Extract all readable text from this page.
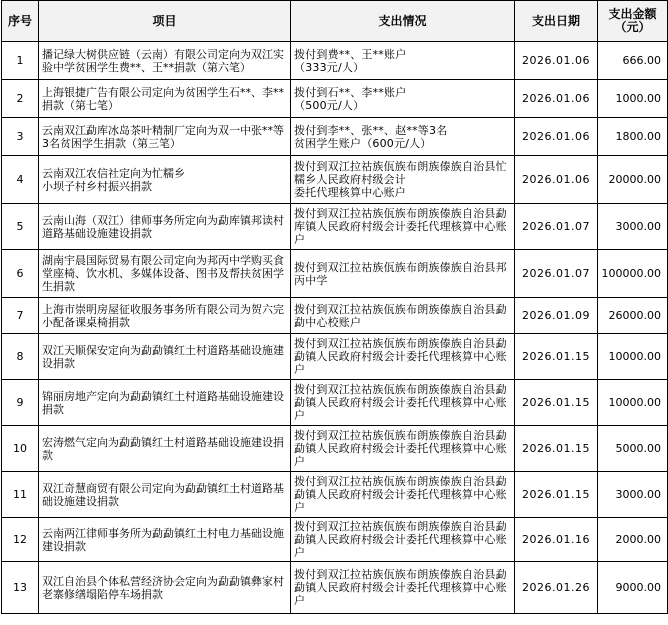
序号	项目	支出情况	支出日期	支出金额
（元）
1	播记绿大树供应链（云南）有限公司定向为双江实验中学贫困学生费**、王**捐款（第六笔）	拨付到费**、王**账户
（333元/人）	2026.01.06	666.00
2	上海银捷广告有限公司定向为贫困学生石**、李**捐款（第七笔）	拨付到石**、李**账户
（500元/人）	2026.01.06	1000.00
3	云南双江勐库冰岛茶叶精制厂定向为双一中张**等3名贫困学生捐款（第三笔）	拨付到李**、张**、赵**等3名
贫困学生账户（600元/人）	2026.01.06	1800.00
4	云南双江农信社定向为忙糯乡
小坝子村乡村振兴捐款	拨付到双江拉祜族佤族布朗族傣族自治县忙糯乡人民政府村级会计
委托代理核算中心账户	2026.01.06	20000.00
5	云南山海（双江）律师事务所定向为勐库镇邦读村道路基础设施建设捐款	拨付到双江拉祜族佤族布朗族傣族自治县勐库镇人民政府村级会计委托代理核算中心账户	2026.01.07	3000.00
6	湖南宇晨国际贸易有限公司定向为邦丙中学购买食堂座椅、饮水机、多媒体设备、图书及帮扶贫困学生捐款	拨付到双江拉祜族佤族布朗族傣族自治县邦丙中学	2026.01.07	100000.00
7	上海市崇明房屋征收服务事务所有限公司为贺六完小配备课桌椅捐款	拨付到双江拉祜族佤族布朗族傣族自治县勐勐中心校账户	2026.01.09	26000.00
8	双江天顺保安定向为勐勐镇红土村道路基础设施建设捐款	拨付到双江拉祜族佤族布朗族傣族自治县勐勐镇人民政府村级会计委托代理核算中心账户	2026.01.15	10000.00
9	锦丽房地产定向为勐勐镇红土村道路基础设施建设捐款	拨付到双江拉祜族佤族布朗族傣族自治县勐勐镇人民政府村级会计委托代理核算中心账户	2026.01.15	10000.00
10	宏涛燃气定向为勐勐镇红土村道路基础设施建设捐款	拨付到双江拉祜族佤族布朗族傣族自治县勐勐镇人民政府村级会计委托代理核算中心账户	2026.01.15	5000.00
11	双江奇慧商贸有限公司定向为勐勐镇红土村道路基础设施建设捐款	拨付到双江拉祜族佤族布朗族傣族自治县勐勐镇人民政府村级会计委托代理核算中心账户	2026.01.15	3000.00
12	云南两江律师事务所为勐勐镇红土村电力基础设施建设捐款	拨付到双江拉祜族佤族布朗族傣族自治县勐勐镇人民政府村级会计委托代理核算中心账户	2026.01.16	2000.00
13	双江自治县个体私营经济协会定向为勐勐镇彝家村老寨修缮塌陷停车场捐款	拨付到双江拉祜族佤族布朗族傣族自治县勐勐镇人民政府村级会计委托代理核算中心账户	2026.01.26	9000.00
